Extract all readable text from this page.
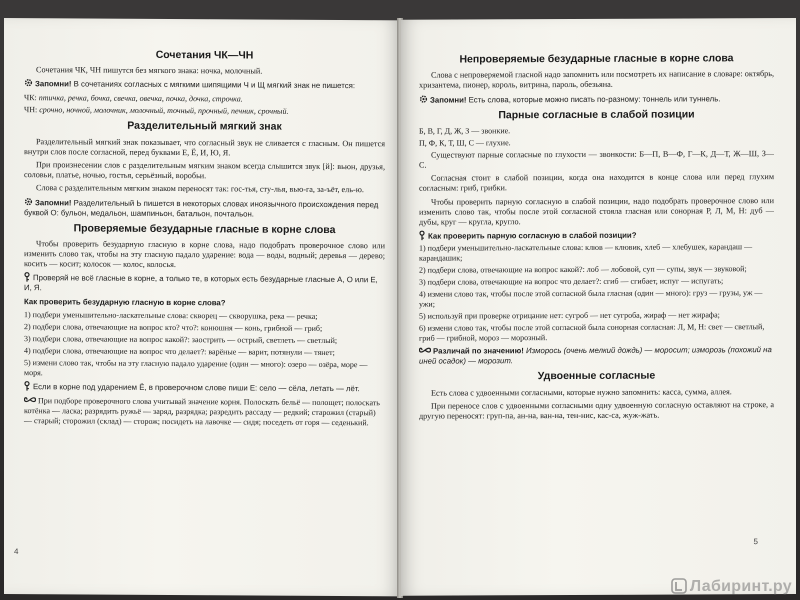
Сочетания ЧК—ЧН

Сочетания ЧК, ЧН пишутся без мягкого знака: ночка, молочный.

Запомни! В сочетаниях согласных с мягкими шипящими Ч и Щ мягкий знак не пишется:
ЧК: птичка, речка, бочка, свечка, овечка, почка, дочка, строчка.
ЧН: срочно, ночной, молочник, молочный, точный, прочный, печник, срочный.
Разделительный мягкий знак

Разделительный мягкий знак показывает, что согласный звук не сливается с гласным. Он пишется внутри слов после согласной, перед буквами Е, Ё, И, Ю, Я.

При произнесении слов с разделительным мягким знаком всегда слышится звук [й]: вьюн, друзья, соловьи, платье, ночью, гостья, серьёзный, воробьи.

Слова с разделительным мягким знаком переносят так: гос-тья, сту-лья, вью-га, за-ъёт, ель-ю.

Запомни! Разделительный Ь пишется в некоторых словах иноязычного происхождения перед буквой О: бульон, медальон, шампиньон, батальон, почтальон.
Проверяемые безударные гласные в корне слова

Чтобы проверить безударную гласную в корне слова, надо подобрать проверочное слово или изменить слово так, чтобы на эту гласную падало ударение: вода — воды, водный; деревья — дерево; косить — косит; колосок — колос, колосья.

Проверяй не всё гласные в корне, а только те, в которых есть безударные гласные А, О или Е, И, Я.
Как проверить безударную гласную в корне слова?
1) подбери уменьшительно-ласкательные слова: скворец — скворушка, река — речка;
2) подбери слова, отвечающие на вопрос кто? что?: конюшня — конь, грибной — гриб;
3) подбери слова, отвечающие на вопрос какой?: заострить — острый, светлеть — светлый;
4) подбери слова, отвечающие на вопрос что делает?: варёные — варит, потянули — тянет;
5) измени слово так, чтобы на эту гласную падало ударение (один — много): озеро — озёра, море — моря.
Если в корне под ударением Ё, в проверочном слове пиши Е: село — сёла, летать — лёт.
При подборе проверочного слова учитывай значение корня. Полоскать бельё — полощет; полоскать котёнка — ласка; разрядить ружьё — заряд, разрядка; разредить рассаду — редкий; старожил (старый) — старый; сторожил (склад) — сторож; посидеть на лавочке — сидя; поседеть от горя — седенький.
4
Непроверяемые безударные гласные в корне слова

Слова с непроверяемой гласной надо запомнить или посмотреть их написание в словаре: октябрь, хризантема, пионер, король, витрина, пароль, обезьяна.

Запомни! Есть слова, которые можно писать по-разному: тоннель или туннель.
Парные согласные в слабой позиции
Б, В, Г, Д, Ж, З — звонкие.
П, Ф, К, Т, Ш, С — глухие.

Существуют парные согласные по глухости — звонкости: Б—П, В—Ф, Г—К, Д—Т, Ж—Ш, З—С.

Согласная стоит в слабой позиции, когда она находится в конце слова или перед глухим согласным: гриб, грибки.

Чтобы проверить парную согласную в слабой позиции, надо подобрать проверочное слово или изменить слово так, чтобы после этой согласной стояла гласная или сонорная Р, Л, М, Н: дуб — дубы, круг — кругла, кругло.

Как проверить парную согласную в слабой позиции?
1) подбери уменьшительно-ласкательные слова: клюв — клювик, хлеб — хлебушек, карандаш — карандашик;
2) подбери слова, отвечающие на вопрос какой?: лоб — лобовой, суп — супы, звук — звуковой;
3) подбери слова, отвечающие на вопрос что делает?: сгиб — сгибает, испуг — испугать;
4) измени слово так, чтобы после этой согласной была гласная (один — много): груз — грузы, уж — ужи;
5) используй при проверке отрицание нет: сугроб — нет сугроба, жираф — нет жирафа;
6) измени слово так, чтобы после этой согласной была сонорная согласная: Л, М, Н: свет — светлый, гриб — грибной, мороз — морозный.
Различай по значению! Изморось (очень мелкий дождь) — моросит; изморозь (похожий на иней осадок) — морозит.
Удвоенные согласные

Есть слова с удвоенными согласными, которые нужно запомнить: касса, сумма, аллея.

При переносе слов с удвоенными согласными одну удвоенную согласную оставляют на строке, а другую переносят: груп-па, ан-на, ван-на, тен-нис, кас-са, жуж-жать.

5
Лабиринт.ру
